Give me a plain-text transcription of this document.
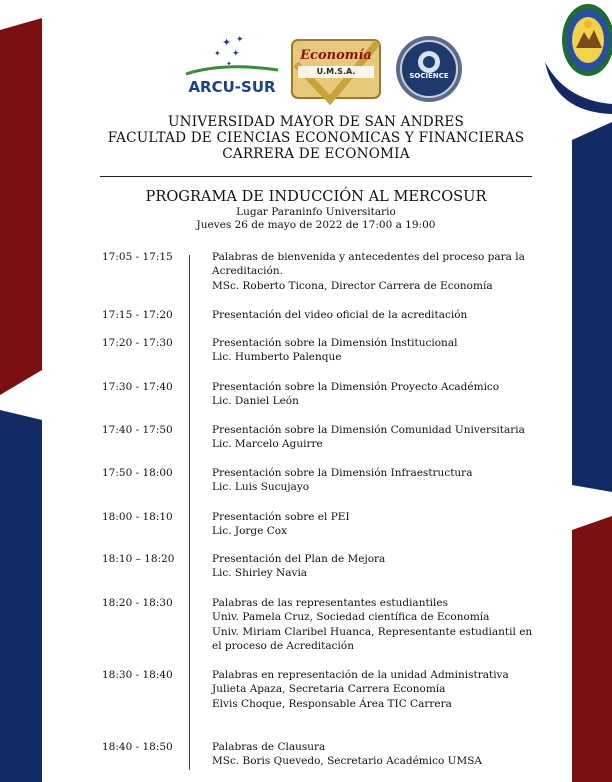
✦ ✦
✦ ✦
✦
ARCU-SUR
Economía
U.M.S.A.	SOCIENCE
UNIVERSIDAD MAYOR DE SAN ANDRES
FACULTAD DE CIENCIAS ECONOMICAS Y FINANCIERAS
CARRERA DE ECONOMIA
PROGRAMA DE INDUCCIÓN AL MERCOSUR
Lugar Paraninfo Universitario
Jueves 26 de mayo de 2022 de 17:00 a 19:00
17:05 - 17:15	Palabras de bienvenida y antecedentes del proceso para la
Acreditación.
MSc. Roberto Ticona, Director Carrera de Economía
17:15 - 17:20	Presentación del video oficial de la acreditación
17:20 - 17:30	Presentación sobre la Dimensión Institucional
Lic. Humberto Palenque
17:30 - 17:40	Presentación sobre la Dimensión Proyecto Académico
Lic. Daniel León
17:40 - 17:50	Presentación sobre la Dimensión Comunidad Universitaria
Lic. Marcelo Aguirre
17:50 - 18:00	Presentación sobre la Dimensión Infraestructura
Lic. Luis Sucujayo
18:00 - 18:10	Presentación sobre el PEI
Lic. Jorge Cox
18:10 – 18:20	Presentación del Plan de Mejora
Lic. Shirley Navia
18:20 - 18:30	Palabras de las representantes estudiantiles
Univ. Pamela Cruz, Sociedad científica de Economía
Univ. Miriam Claribel Huanca, Representante estudiantil en
el proceso de Acreditación
18:30 - 18:40	Palabras en representación de la unidad Administrativa
Julieta Apaza, Secretaria Carrera Economía
Elvis Choque, Responsable Área TIC Carrera
18:40 - 18:50	Palabras de Clausura
MSc. Boris Quevedo, Secretario Académico UMSA
